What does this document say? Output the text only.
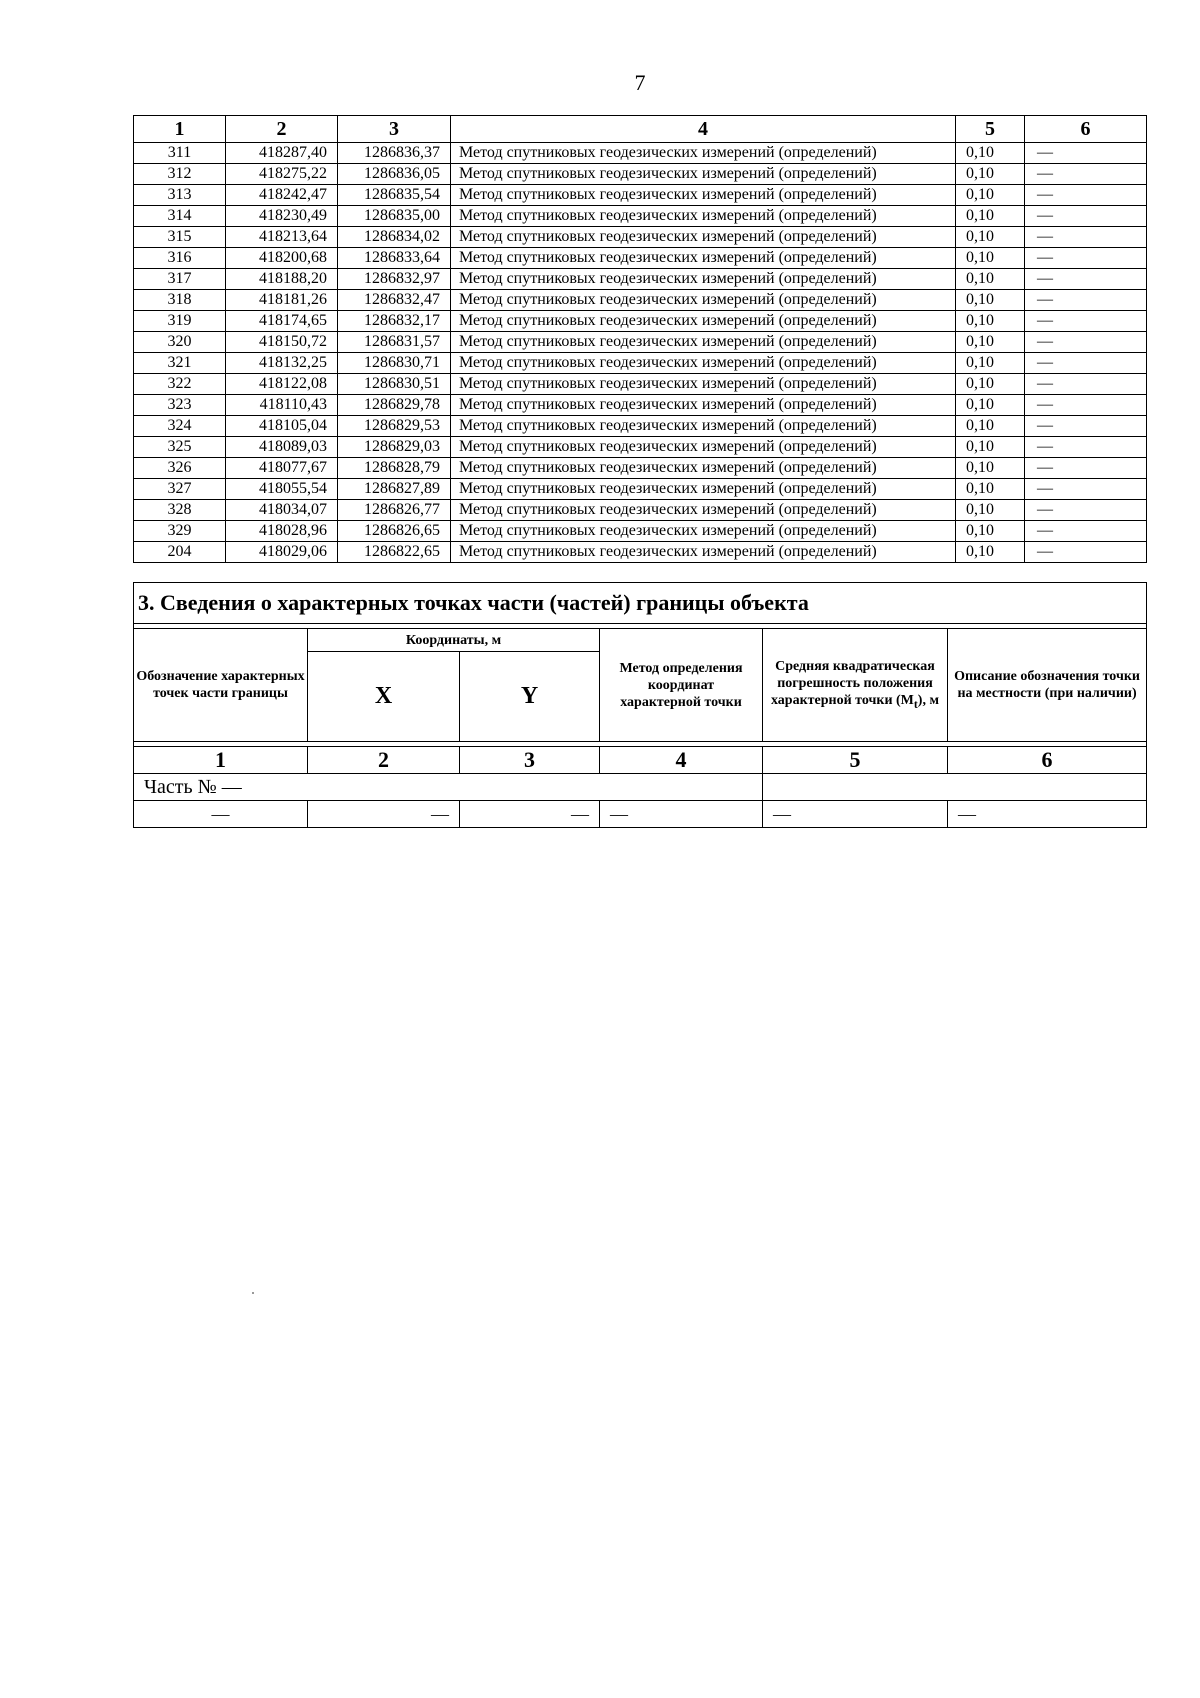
7
1	2	3	4	5	6
311	418287,40	1286836,37	Метод спутниковых геодезических измерений (определений)	0,10	—
312	418275,22	1286836,05	Метод спутниковых геодезических измерений (определений)	0,10	—
313	418242,47	1286835,54	Метод спутниковых геодезических измерений (определений)	0,10	—
314	418230,49	1286835,00	Метод спутниковых геодезических измерений (определений)	0,10	—
315	418213,64	1286834,02	Метод спутниковых геодезических измерений (определений)	0,10	—
316	418200,68	1286833,64	Метод спутниковых геодезических измерений (определений)	0,10	—
317	418188,20	1286832,97	Метод спутниковых геодезических измерений (определений)	0,10	—
318	418181,26	1286832,47	Метод спутниковых геодезических измерений (определений)	0,10	—
319	418174,65	1286832,17	Метод спутниковых геодезических измерений (определений)	0,10	—
320	418150,72	1286831,57	Метод спутниковых геодезических измерений (определений)	0,10	—
321	418132,25	1286830,71	Метод спутниковых геодезических измерений (определений)	0,10	—
322	418122,08	1286830,51	Метод спутниковых геодезических измерений (определений)	0,10	—
323	418110,43	1286829,78	Метод спутниковых геодезических измерений (определений)	0,10	—
324	418105,04	1286829,53	Метод спутниковых геодезических измерений (определений)	0,10	—
325	418089,03	1286829,03	Метод спутниковых геодезических измерений (определений)	0,10	—
326	418077,67	1286828,79	Метод спутниковых геодезических измерений (определений)	0,10	—
327	418055,54	1286827,89	Метод спутниковых геодезических измерений (определений)	0,10	—
328	418034,07	1286826,77	Метод спутниковых геодезических измерений (определений)	0,10	—
329	418028,96	1286826,65	Метод спутниковых геодезических измерений (определений)	0,10	—
204	418029,06	1286822,65	Метод спутниковых геодезических измерений (определений)	0,10	—
3. Сведения о характерных точках части (частей) границы объекта					

Обозначение характерных точек части границы	Координаты, м		Метод определения координат характерной точки	Средняя квадратическая погрешность положения характерной точки $(M_t)$, м	Описание обозначения точки на местности (при наличии)
	X	Y			

1	2	3	4	5	6
Часть № —					
—	—	—	—	—	—
